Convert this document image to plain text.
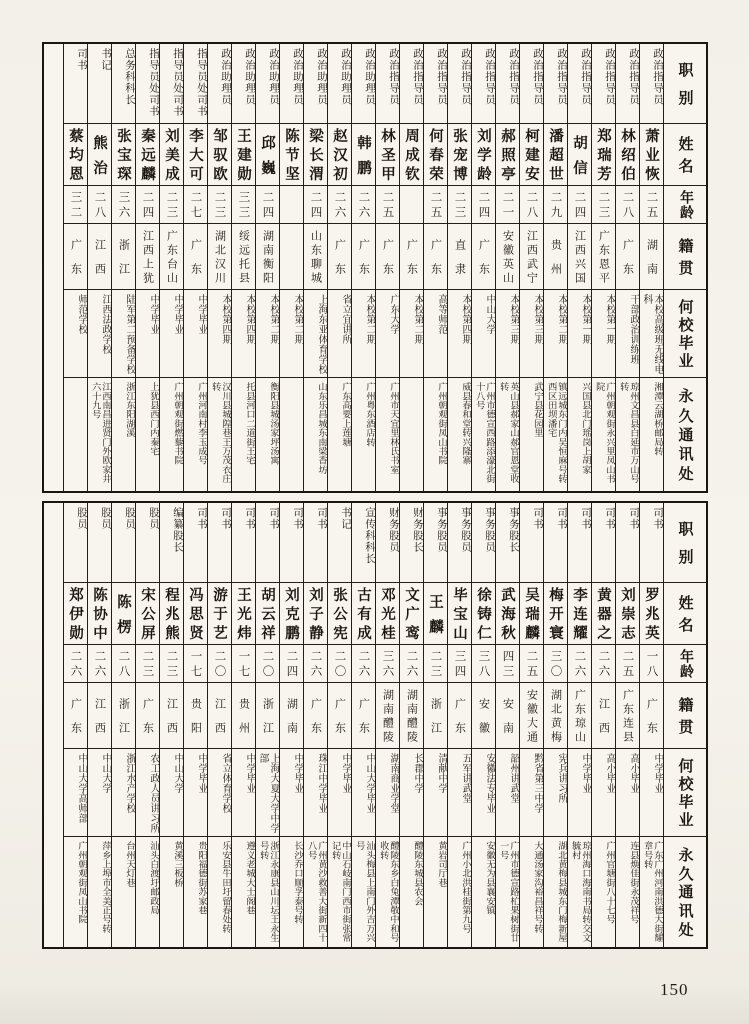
职
别
姓
名
年
龄
籍
贯
何
校
毕
业
永
久
通
讯
处
政治指导员
萧
业
恢
二
五
湖
南
本校高级班无线电科
湘潭云湖桥邮局转
政治指导员
林
绍
伯
二
八
广
东
干部政治训练班
琼州文昌县白延市万山号转
政治指导员
郑
瑞
芳
二
三
广
东
恩
平
本校第一期
广州朝观街永兴里凤山书院
政治指导员
胡
信
二
四
江
西
兴
国
本校第一期
兴国县北门瑶岗上胡家
政治指导员
潘
超
世
二
九
贵
州
本校第二期
镇远城东门内吴恒麻号转西区田坝潘宅
政治指导员
柯
建
安
二
八
江
西
武
宁
本校第三期
武宁县花园里
政治指导员
郝
照
亭
二
一
安
徽
英
山
本校第三期
英山县郝家山郝官恩堂收转
政治指导员
刘
学
龄
二
四
广
东
中山大学
广州市德宣西路添濠北街十八号
政治指导员
张
宠
博
二
三
直
隶
本校第四期
威县春和堂转兴隆寨
政治指导员
何
春
荣
二
五
广
东
高等师范
广州朝观街凤山书院
政治指导员
周
成
钦
广
东
本校第二期
政治指导员
林
圣
甲
二
五
广
东
广东大学
广州市天宜里林氏书室
政治助理员
韩
鹏
二
六
广
东
本校第二期
广州粤东酒店转
政治助理员
赵
汉
初
二
六
广
东
省立宜讲所
广东高要上莲塘
政治助理员
梁
长
渭
二
四
山
东
聊
城
上海东亚体育学校
山东乐昌城东南梁香坊
政治助理员
陈
节
坚
本校第二期
政治助理员
邱
巍
二
四
湖
南
衡
阳
本校第二期
衡阳县城汤家坪汤寓
政治助理员
王
建
勋
三
三
绥
远
托
县
本校第四期
托县河口二道街王宅
政治助理员
邹
驭
欧
二
三
湖
北
汉
川
本校第四期
汉川县城隍巷王万茂衣庄转
指导员处司书
李
大
可
二
七
广
东
中学毕业
广州河南村李玉成号
指导员处司书
刘
美
成
二
三
广
东
台
山
中学毕业
广州朝观街燃藜书院
指导员处司书
秦
远
麟
二
四
江
西
上
犹
中学毕业
上犹县西门内秦宅
总务科科长
张
宝
琛
三
六
浙
江
陆军第二预备学校
浙江东阳湖溪
书记
熊
治
二
八
江
西
江西法政学校
江西南昌进贤门外欧家井六十九号
司书
蔡
均
恩
三
二
广
东
师范学校
职
别
姓
名
年
龄
籍
贯
何
校
毕
业
永
久
通
讯
处
司书
罗
兆
英
一
八
广
东
中学毕业
广东广州河南洪德大街耀章号转
司书
刘
崇
志
二
五
广
东
连
县
高小毕业
连县焕佳街永茂祥号
司书
黄
器
之
二
六
江
西
高小毕业
广州官塘街八十七号
司书
李
连
耀
二
六
广
东
琼
山
中学毕业
琼州海口海南书局转交文毓村
司书
梅
开
寰
三
〇
湖
北
黄
梅
宪兵讲习所
湖北黄梅县城东门梅新屋
司书
吴
瑞
麟
二
五
安
徽
大
通
黔省第三中学
大通汤家沟裕昌祥号转
事务股长
武
海
秋
四
三
安
南
韶州讲武堂
广州市德宣路杧果树街廿一号
事务股员
徐
铸
仁
三
八
安
徽
安徽法专毕业
安徽无为县襄安镇
事务股员
毕
宝
山
三
四
广
东
五军讲武堂
广州小北洪桂街第九号
事务股员
王
麟
二
三
浙
江
清献中学
黄岩司厅巷
财务股长
文
广
鸾
二
六
湖
南
醴
陵
长郡中学
醴陵东城县农会
财务股员
邓
光
桂
三
六
湖
南
醴
陵
湖南商业学堂
醴陵东乡白兔潭敬中和号收转
宣传科科长
古
有
成
二
六
广
东
中山大学毕业
汕头梅县上南门外吉万兴号
书记
张
公
宪
二
〇
广
东
中学毕业
中山石岐南门西市街张常记转
司书
刘
子
静
二
六
广
东
珠江中学毕业
广州黄沙救善大街新四十八号
司书
刘
克
鹏
二
四
湖
南
中学毕业
长沙乔口顺孚泰号转
司书
胡
云
祥
二
〇
浙
江
上海大夏大学中学部
浙江永康县山川坛王永生号转
司书
王
光
炜
一
七
贵
州
中学毕业
遵义老城大士阁巷
司书
游
于
艺
二
〇
江
西
省立体育学校
乐安县牛田圩留春处转
司书
冯
思
贤
一
七
贵
阳
中学毕业
贵阳福德街苏家巷
编纂股长
程
兆
熊
二
三
江
西
中山大学
黄溪三板桥
股员
宋
公
屏
二
三
广
东
农工政人员讲习所
汕头白渡圩邮政局
股员
陈
楞
二
八
浙
江
浙江水产学校
台州天灯巷
股员
陈
协
中
二
六
江
西
中山大学
萍乡上埠市全美正号转
股员
郑
伊
勋
二
六
广
东
中山大学高师部
广州朝观街凤山书院
150
